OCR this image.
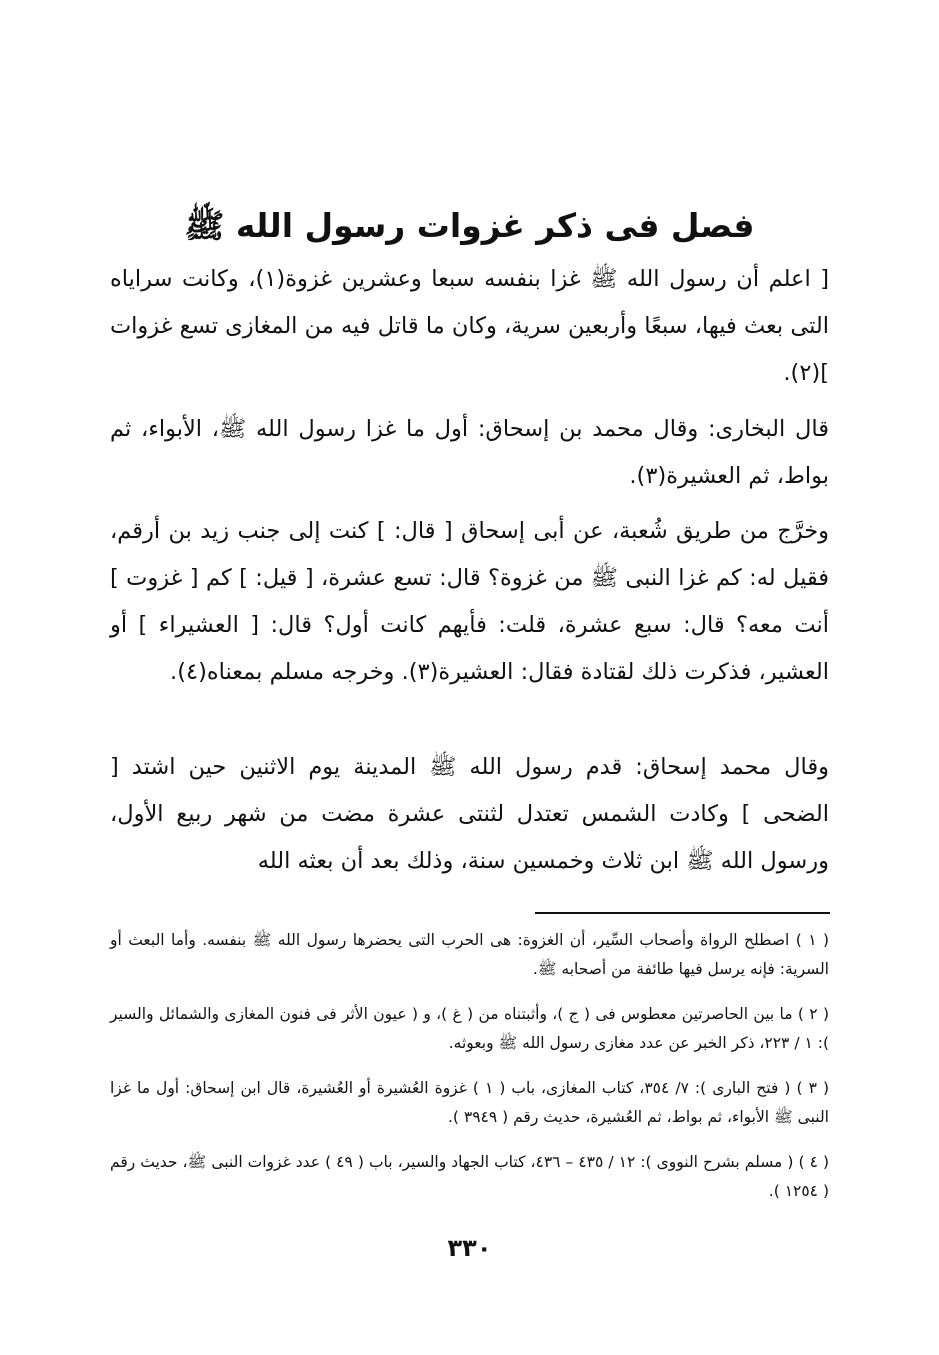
فصل فى ذكر غزوات رسول الله ﷺ

[ اعلم أن رسول الله ﷺ غزا بنفسه سبعا وعشرين غزوة(١)، وكانت سراياه التى بعث فيها، سبعًا وأربعين سرية، وكان ما قاتل فيه من المغازى تسع غزوات ](٢).

قال البخارى: وقال محمد بن إسحاق: أول ما غزا رسول الله ﷺ، الأبواء، ثم بواط، ثم العشيرة(٣).

وخرَّج من طريق شُعبة، عن أبى إسحاق [ قال: ] كنت إلى جنب زيد بن أرقم، فقيل له: كم غزا النبى ﷺ من غزوة؟ قال: تسع عشرة، [ قيل: ] كم [ غزوت ] أنت معه؟ قال: سبع عشرة، قلت: فأيهم كانت أول؟ قال: [ العشيراء ] أو العشير، فذكرت ذلك لقتادة فقال: العشيرة(٣). وخرجه مسلم بمعناه(٤).

وقال محمد إسحاق: قدم رسول الله ﷺ المدينة يوم الاثنين حين اشتد [ الضحى ] وكادت الشمس تعتدل لثنتى عشرة مضت من شهر ربيع الأول، ورسول الله ﷺ ابن ثلاث وخمسين سنة، وذلك بعد أن بعثه الله

( ١ ) اصطلح الرواة وأصحاب السِّير، أن الغزوة: هى الحرب التى يحضرها رسول الله ﷺ بنفسه. وأما البعث أو السرية: فإنه يرسل فيها طائفة من أصحابه ﷺ.

( ٢ ) ما بين الحاصرتين معطوس فى ( ج )، وأثبتناه من ( غ )، و ( عيون الأثر فى فنون المغازى والشمائل والسير ): ١ / ٢٢٣، ذكر الخبر عن عدد مغازى رسول الله ﷺ وبعوثه.

( ٣ ) ( فتح البارى ): ٧/ ٣٥٤، كتاب المغازى، باب ( ١ ) غزوة العُشيرة أو العُشيرة، قال ابن إسحاق: أول ما غزا النبى ﷺ الأبواء، ثم بواط، ثم العُشيرة، حديث رقم ( ٣٩٤٩ ).

( ٤ ) ( مسلم بشرح النووى ): ١٢ / ٤٣٥ – ٤٣٦، كتاب الجهاد والسير، باب ( ٤٩ ) عدد غزوات النبى ﷺ، حديث رقم ( ١٢٥٤ ).

٣٣٠
